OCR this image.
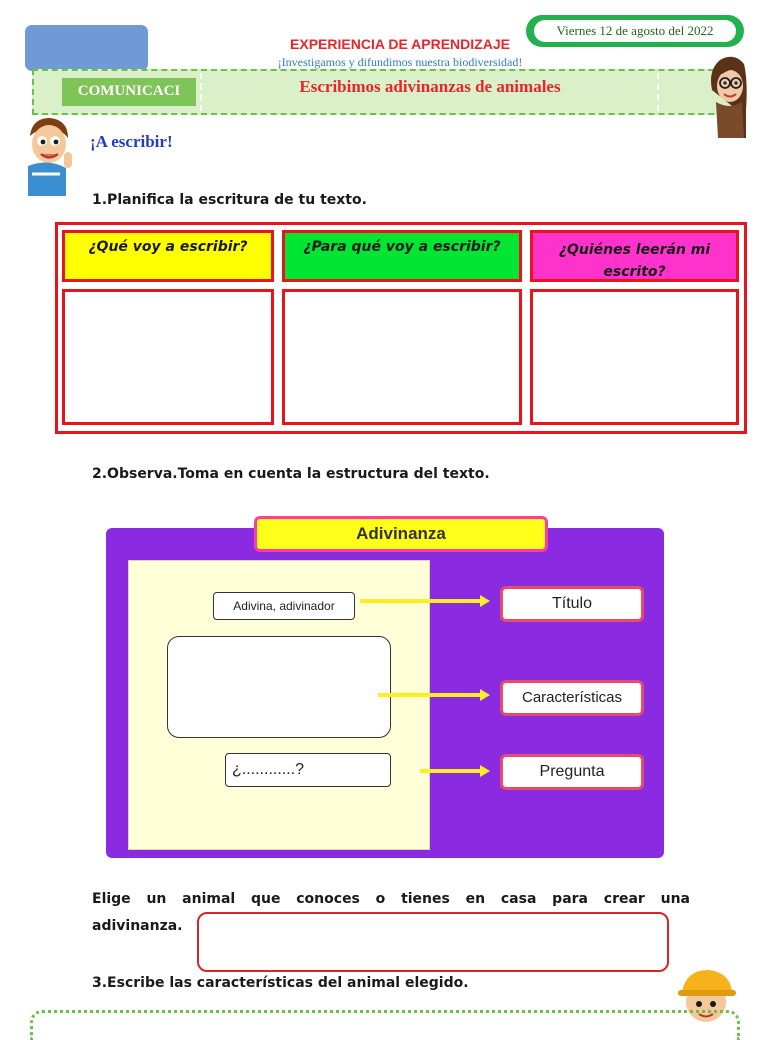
EXPERIENCIA DE APRENDIZAJE
¡Investigamos y difundimos nuestra biodiversidad!
Viernes 12 de agosto del 2022
COMUNICACI	Escribimos adivinanzas de animales
¡A escribir!
1.Planifica la escritura de tu texto.
¿Qué voy a escribir?	¿Para qué voy a escribir?	¿Quiénes leerán mi escrito?
2.Observa.Toma en cuenta la estructura del texto.
Adivinanza
Adivina, adivinador
¿............?
Título
Características
Pregunta
Elige un animal que conoces o tienes en casa para crear una
adivinanza.
3.Escribe las características del animal elegido.
